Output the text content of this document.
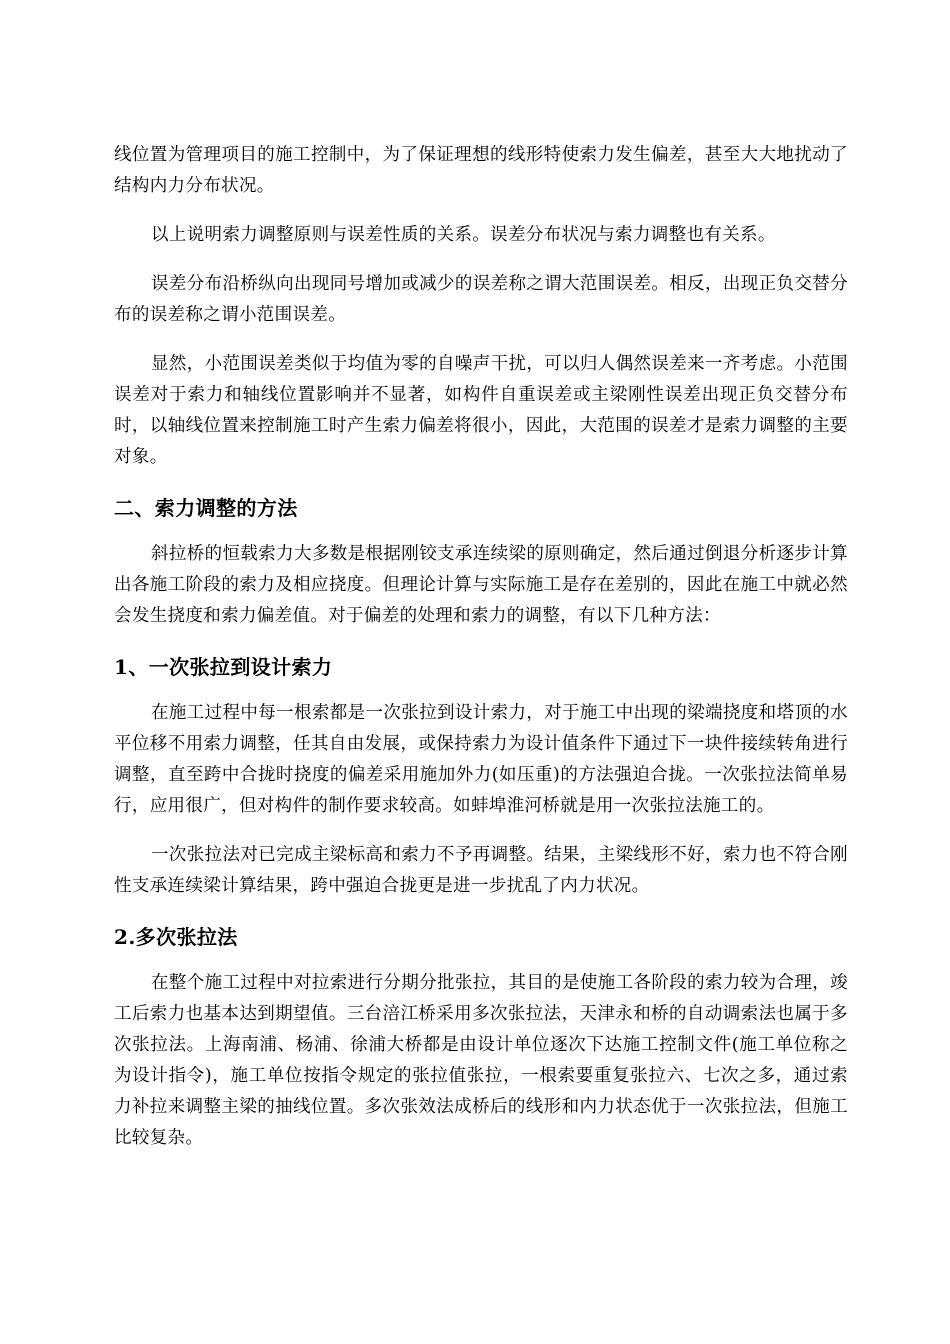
线位置为管理项目的施工控制中，为了保证理想的线形特使索力发生偏差，甚至大大地扰动了结构内力分布状况。

以上说明索力调整原则与误差性质的关系。误差分布状况与索力调整也有关系。

误差分布沿桥纵向出现同号增加或减少的误差称之谓大范围误差。相反，出现正负交替分布的误差称之谓小范围误差。

显然，小范围误差类似于均值为零的自噪声干扰，可以归人偶然误差来一齐考虑。小范围误差对于索力和轴线位置影响并不显著，如构件自重误差或主梁刚性误差出现正负交替分布时，以轴线位置来控制施工时产生索力偏差将很小，因此，大范围的误差才是索力调整的主要对象。

二、索力调整的方法

斜拉桥的恒载索力大多数是根据刚铰支承连续梁的原则确定，然后通过倒退分析逐步计算出各施工阶段的索力及相应挠度。但理论计算与实际施工是存在差别的，因此在施工中就必然会发生挠度和索力偏差值。对于偏差的处理和索力的调整，有以下几种方法：

1、一次张拉到设计索力

在施工过程中每一根索都是一次张拉到设计索力，对于施工中出现的梁端挠度和塔顶的水平位移不用索力调整，任其自由发展，或保持索力为设计值条件下通过下一块件接续转角进行调整，直至跨中合拢时挠度的偏差采用施加外力(如压重)的方法强迫合拢。一次张拉法简单易行，应用很广，但对构件的制作要求较高。如蚌埠淮河桥就是用一次张拉法施工的。

一次张拉法对已完成主梁标高和索力不予再调整。结果，主梁线形不好，索力也不符合刚性支承连续梁计算结果，跨中强迫合拢更是进一步扰乱了内力状况。

2.多次张拉法

在整个施工过程中对拉索进行分期分批张拉，其目的是使施工各阶段的索力较为合理，竣工后索力也基本达到期望值。三台涪江桥采用多次张拉法，天津永和桥的自动调索法也属于多次张拉法。上海南浦、杨浦、徐浦大桥都是由设计单位逐次下达施工控制文件(施工单位称之为设计指令)，施工单位按指令规定的张拉值张拉，一根索要重复张拉六、七次之多，通过索力补拉来调整主梁的抽线位置。多次张效法成桥后的线形和内力状态优于一次张拉法，但施工比较复杂。
